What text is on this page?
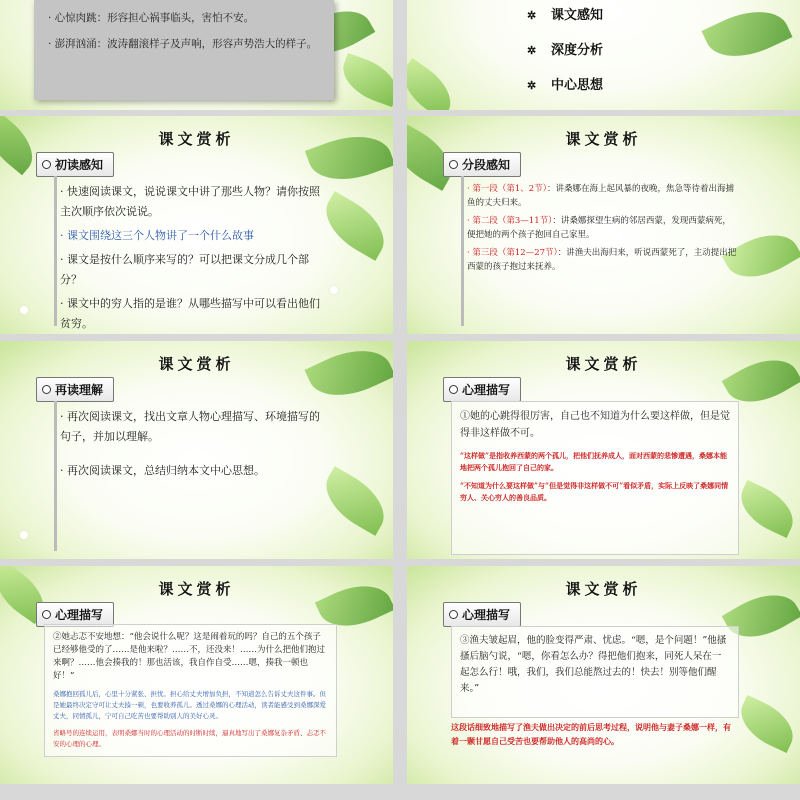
· 心惊肉跳：形容担心祸事临头，害怕不安。

· 澎湃汹涌：波涛翻滚样子及声响，形容声势浩大的样子。

✲ 课文感知
✲ 深度分析
✲ 中心思想
课文赏析
初读感知

· 快速阅读课文，说说课文中讲了那些人物？请你按照主次顺序依次说说。

· 课文围绕这三个人物讲了一个什么故事

· 课文是按什么顺序来写的？可以把课文分成几个部分？

· 课文中的穷人指的是谁？从哪些描写中可以看出他们贫穷。

课文赏析
分段感知

· 第一段（第1、2节）：讲桑娜在海上起风暴的夜晚，焦急等待着出海捕鱼的丈夫归来。

· 第二段（第3—11节）：讲桑娜探望生病的邻居西蒙，发现西蒙病死，便把她的两个孩子抱回自己家里。

· 第三段（第12—27节）：讲渔夫出海归来，听说西蒙死了，主动提出把西蒙的孩子抱过来抚养。

课文赏析
再读理解

· 再次阅读课文，找出文章人物心理描写、环境描写的句子，并加以理解。

· 再次阅读课文，总结归纳本文中心思想。

课文赏析
心理描写
①她的心跳得很厉害，自己也不知道为什么要这样做，但是觉得非这样做不可。
“这样做”是指收养西蒙的两个孤儿，把他们抚养成人，面对西蒙的悲惨遭遇，桑娜本能地把两个孤儿抱回了自己的家。
“不知道为什么要这样做”与“但是觉得非这样做不可”看似矛盾，实际上反映了桑娜同情穷人、关心穷人的善良品质。
课文赏析
心理描写
②她忐忑不安地想：“他会说什么呢？这是闹着玩的吗？自己的五个孩子已经够他受的了……是他来啦？……不，还没来！……为什么把他们抱过来啊？……他会揍我的！那也活该，我自作自受……嗯，揍我一顿也好！”
桑娜抱回孤儿后，心里十分紧张、担忧。担心给丈夫增加负担，不知道怎么告诉丈夫这件事。但是她最终决定守可让丈夫揍一顿，也要收养孤儿。透过桑娜的心理活动，读者能感受到桑娜深爱丈夫，同情孤儿，宁可自己吃苦也要帮助别人的美好心灵。
省略号的连续运用，表明桑娜当时的心理活动的时断时续，逼真地写出了桑娜复杂矛盾、忐忑不安的心理的心理。
课文赏析
心理描写
③渔夫皱起眉，他的脸变得严肃、忧虑。“嗯，是个问题！”他搔搔后脑勺说，“嗯，你看怎么办？得把他们抱来，同死人呆在一起怎么行！哦，我们，我们总能熬过去的！快去！别等他们醒来。”
这段话细致地描写了渔夫做出决定的前后思考过程，说明他与妻子桑娜一样，有着一颗甘愿自己受苦也要帮助他人的高尚的心。
